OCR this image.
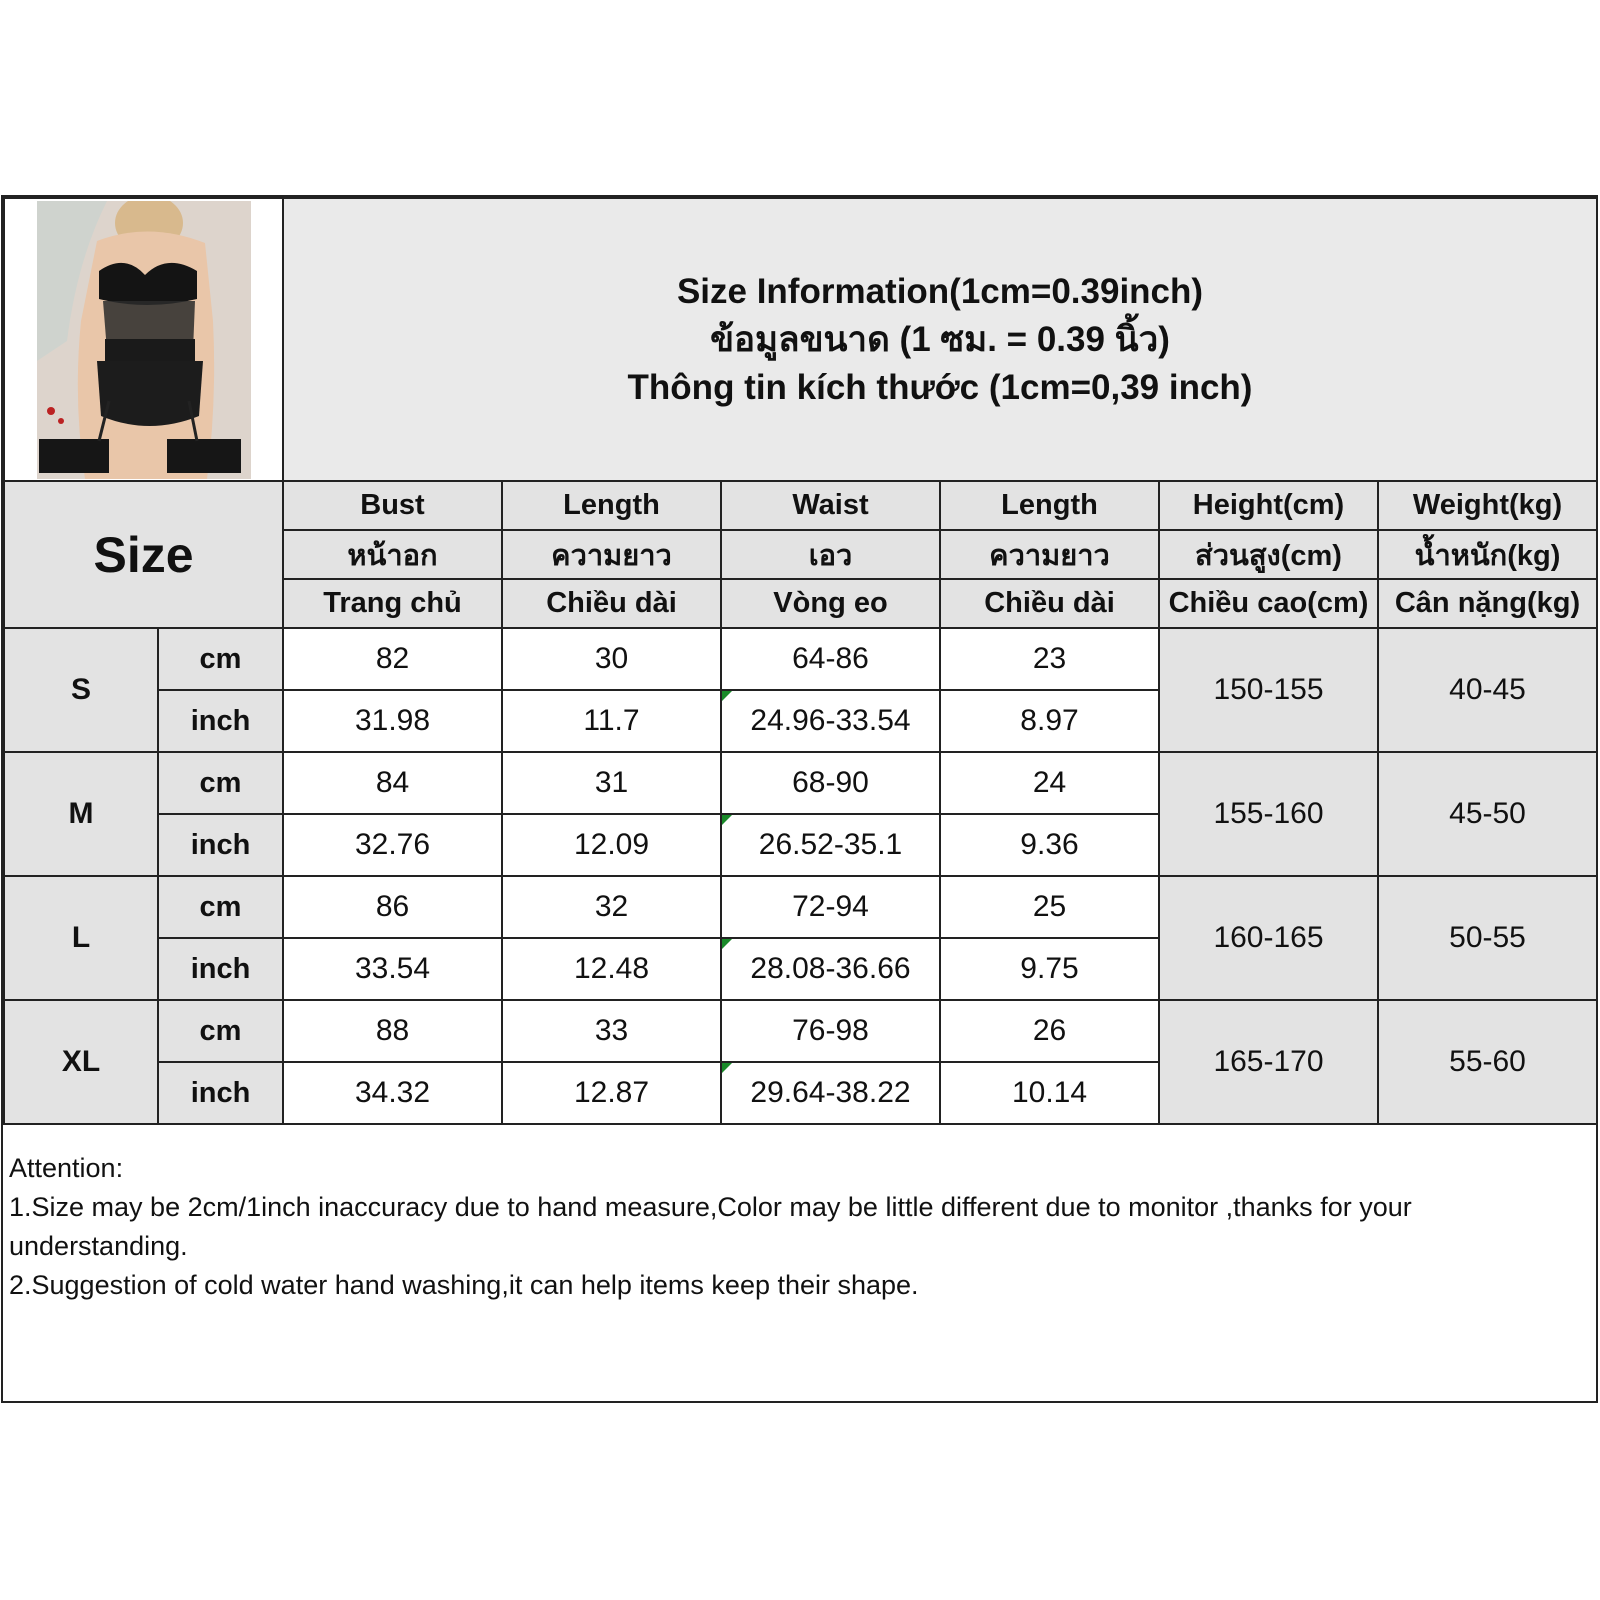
Size Information(1cm=0.39inch)
ข้อมูลขนาด (1 ซม. = 0.39 นิ้ว)
Thông tin kích thước (1cm=0,39 inch)					

Size		Bust	Length	Waist	Length	Height(cm)	Weight(kg)
		หน้าอก	ความยาว	เอว	ความยาว	ส่วนสูง(cm)	น้ำหนัก(kg)
		Trang chủ	Chiều dài	Vòng eo	Chiều dài	Chiều cao(cm)	Cân nặng(kg)
S	cm	82	30	64-86	23	150-155	40-45
	inch	31.98	11.7	24.96-33.54	8.97		
M	cm	84	31	68-90	24	155-160	45-50
	inch	32.76	12.09	26.52-35.1	9.36		
L	cm	86	32	72-94	25	160-165	50-55
	inch	33.54	12.48	28.08-36.66	9.75		
XL	cm	88	33	76-98	26	165-170	55-60
	inch	34.32	12.87	29.64-38.22	10.14		
Attention:
1.Size may be 2cm/1inch inaccuracy due to hand measure,Color may be little different due to monitor ,thanks for your understanding.
2.Suggestion of cold water hand washing,it can help items keep their shape.
